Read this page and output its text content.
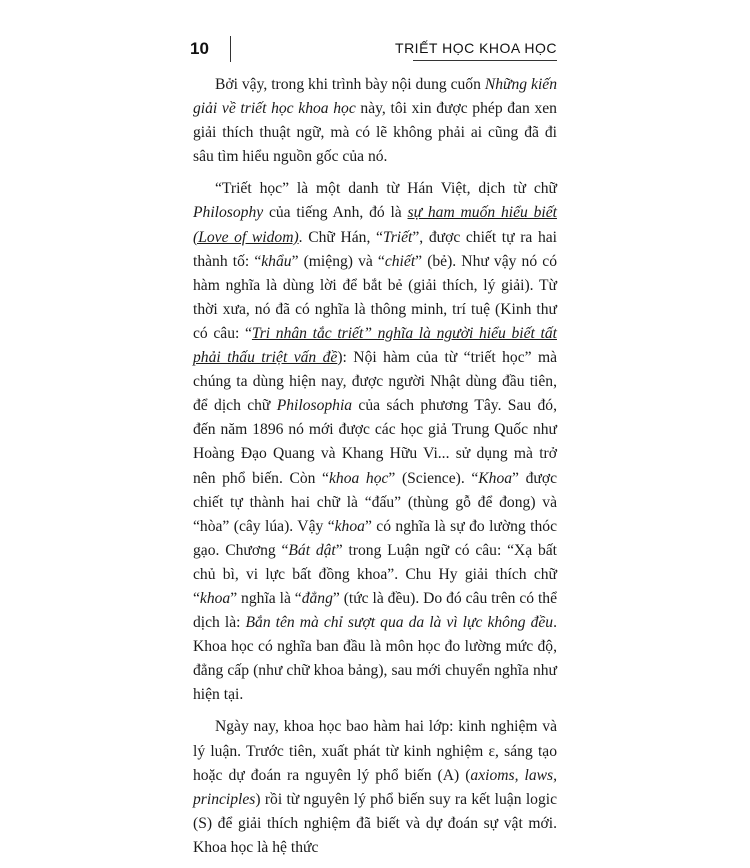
10	TRIẾT HỌC KHOA HỌC

Bởi vậy, trong khi trình bày nội dung cuốn Những kiến giải về triết học khoa học này, tôi xin được phép đan xen giải thích thuật ngữ, mà có lẽ không phải ai cũng đã đi sâu tìm hiểu nguồn gốc của nó.

“Triết học” là một danh từ Hán Việt, dịch từ chữ Philosophy của tiếng Anh, đó là sự ham muốn hiểu biết (Love of widom). Chữ Hán, “Triết”, được chiết tự ra hai thành tố: “khẩu” (miệng) và “chiết” (bẻ). Như vậy nó có hàm nghĩa là dùng lời để bắt bẻ (giải thích, lý giải). Từ thời xưa, nó đã có nghĩa là thông minh, trí tuệ (Kinh thư có câu: “Tri nhân tắc triết” nghĩa là người hiểu biết tất phải thấu triệt vấn đề): Nội hàm của từ “triết học” mà chúng ta dùng hiện nay, được người Nhật dùng đầu tiên, để dịch chữ Philosophia của sách phương Tây. Sau đó, đến năm 1896 nó mới được các học giả Trung Quốc như Hoàng Đạo Quang và Khang Hữu Vi... sử dụng mà trở nên phổ biến. Còn “khoa học” (Science). “Khoa” được chiết tự thành hai chữ là “đấu” (thùng gỗ để đong) và “hòa” (cây lúa). Vậy “khoa” có nghĩa là sự đo lường thóc gạo. Chương “Bát dật” trong Luận ngữ có câu: “Xạ bất chủ bì, vi lực bất đồng khoa”. Chu Hy giải thích chữ “khoa” nghĩa là “đẳng” (tức là đều). Do đó câu trên có thể dịch là: Bắn tên mà chỉ sượt qua da là vì lực không đều. Khoa học có nghĩa ban đầu là môn học đo lường mức độ, đẳng cấp (như chữ khoa bảng), sau mới chuyển nghĩa như hiện tại.

Ngày nay, khoa học bao hàm hai lớp: kinh nghiệm và lý luận. Trước tiên, xuất phát từ kinh nghiệm ε, sáng tạo hoặc dự đoán ra nguyên lý phổ biến (A) (axioms, laws, principles) rồi từ nguyên lý phổ biến suy ra kết luận logic (S) để giải thích nghiệm đã biết và dự đoán sự vật mới. Khoa học là hệ thức
